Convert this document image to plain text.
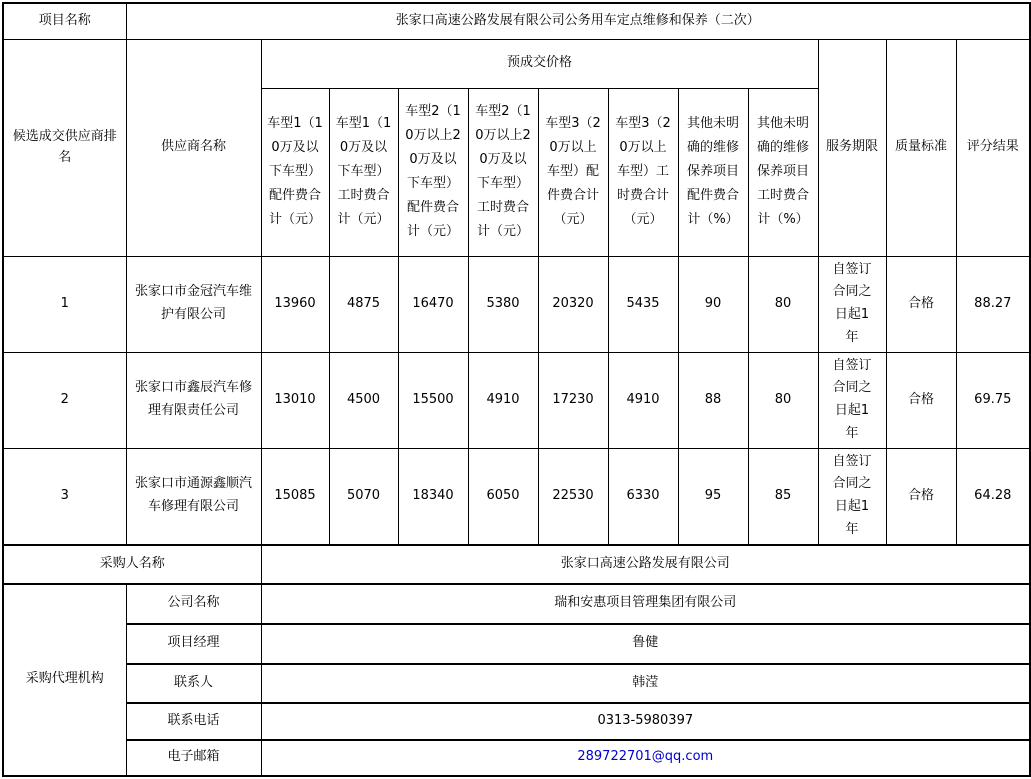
项目名称	张家口高速公路发展有限公司公务用车定点维修和保养（二次）											
候选成交供应商排名	供应商名称	预成交价格								服务期限	质量标准	评分结果
		车型1（10万及以下车型）配件费合计（元）	车型1（10万及以下车型）工时费合计（元）	车型2（10万以上20万及以下车型）配件费合计（元）	车型2（10万以上20万及以下车型）工时费合计（元）	车型3（20万以上车型）配件费合计（元）	车型3（20万以上车型）工时费合计（元）	其他未明确的维修保养项目配件费合计（%）	其他未明确的维修保养项目工时费合计（%）			
1	张家口市金冠汽车维护有限公司	13960	4875	16470	5380	20320	5435	90	80	自签订合同之日起1年	合格	88.27
2	张家口市鑫辰汽车修理有限责任公司	13010	4500	15500	4910	17230	4910	88	80	自签订合同之日起1年	合格	69.75
3	张家口市通源鑫顺汽车修理有限公司	15085	5070	18340	6050	22530	6330	95	85	自签订合同之日起1年	合格	64.28
采购人名称		张家口高速公路发展有限公司										
采购代理机构	公司名称	瑞和安惠项目管理集团有限公司										
	项目经理	鲁健										
	联系人	韩滢										
	联系电话	0313-5980397										
	电子邮箱	289722701@qq.com										
